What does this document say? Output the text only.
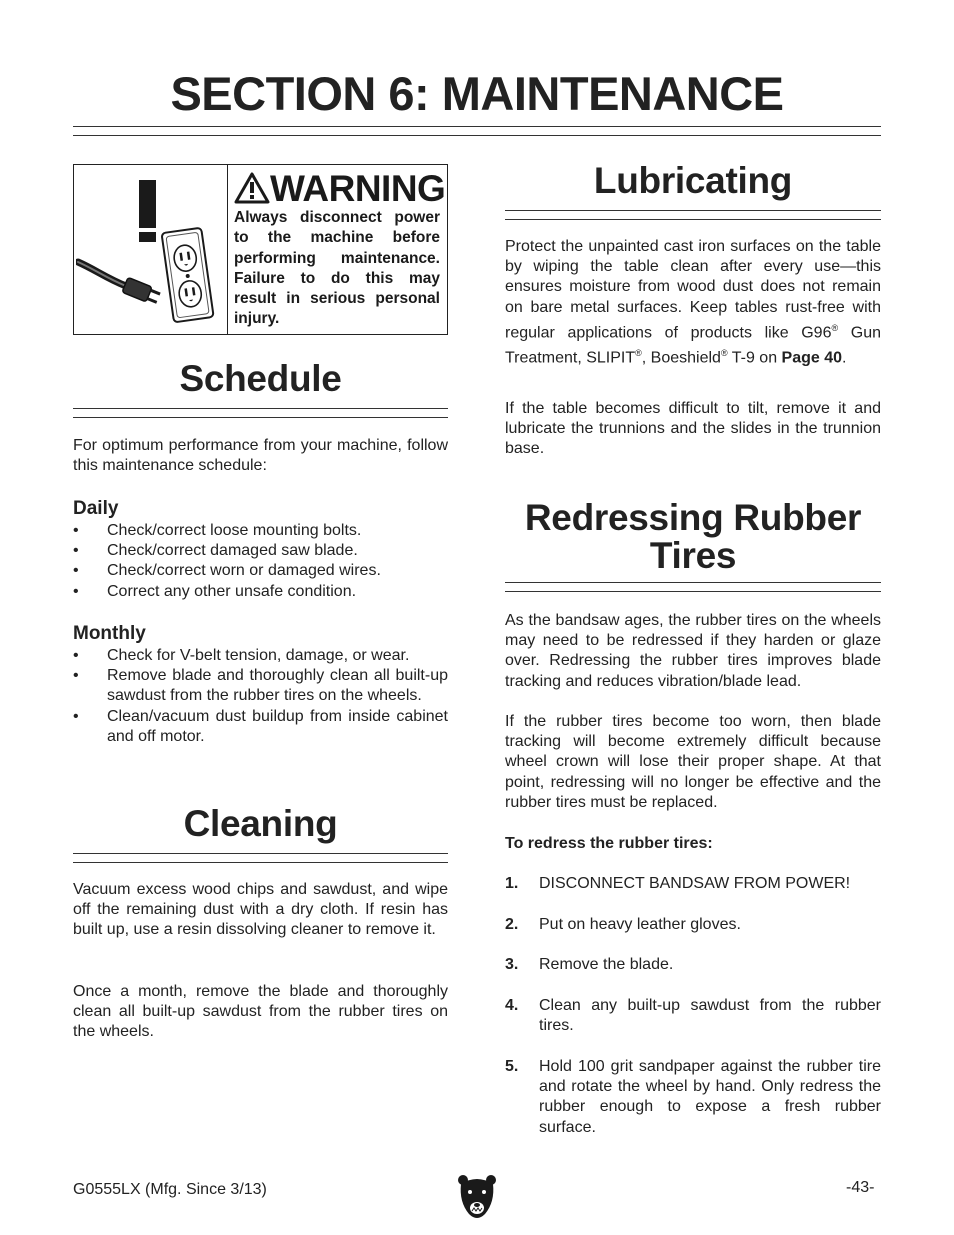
SECTION 6: MAINTENANCE
WARNING

Always disconnect power to the machine before performing maintenance. Failure to do this may result in serious personal injury.

Schedule

For optimum performance from your machine, follow this maintenance schedule:

Daily

• Check/correct loose mounting bolts.
• Check/correct damaged saw blade.
• Check/correct worn or damaged wires.
• Correct any other unsafe condition.

Monthly

• Check for V-belt tension, damage, or wear.
• Remove blade and thoroughly clean all built-up sawdust from the rubber tires on the wheels.
• Clean/vacuum dust buildup from inside cabinet and off motor.
Cleaning

Vacuum excess wood chips and sawdust, and wipe off the remaining dust with a dry cloth. If resin has built up, use a resin dissolving cleaner to remove it.

Once a month, remove the blade and thoroughly clean all built-up sawdust from the rubber tires on the wheels.

Lubricating

Protect the unpainted cast iron surfaces on the table by wiping the table clean after every use—this ensures moisture from wood dust does not remain on bare metal surfaces. Keep tables rust-free with regular applications of products like G96® Gun Treatment, SLIPIT®, Boeshield® T-9 on Page 40.

If the table becomes difficult to tilt, remove it and lubricate the trunnions and the slides in the trunnion base.

Redressing Rubber
Tires

As the bandsaw ages, the rubber tires on the wheels may need to be redressed if they harden or glaze over. Redressing the rubber tires improves blade tracking and reduces vibration/blade lead.

If the rubber tires become too worn, then blade tracking will become extremely difficult because wheel crown will lose their proper shape. At that point, redressing will no longer be effective and the rubber tires must be replaced.

To redress the rubber tires:

1. DISCONNECT BANDSAW FROM POWER!
2. Put on heavy leather gloves.
3. Remove the blade.
4. Clean any built-up sawdust from the rubber tires.
5. Hold 100 grit sandpaper against the rubber tire and rotate the wheel by hand. Only redress the rubber enough to expose a fresh rubber surface.
G0555LX (Mfg. Since 3/13)	-43-
